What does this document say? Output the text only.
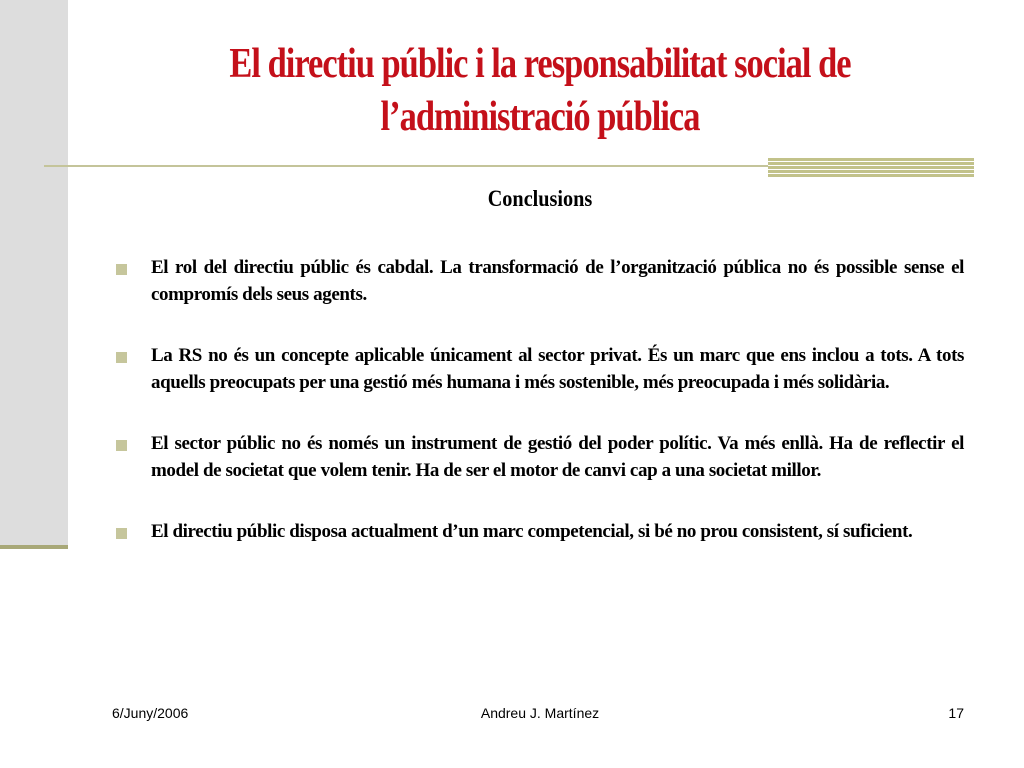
El directiu públic i la responsabilitat social de l’administració pública
Conclusions
El rol del directiu públic és cabdal. La transformació de l’organització pública no és possible sense el compromís dels seus agents.
La RS no és un concepte aplicable únicament al sector privat. És un marc que ens inclou a tots. A tots aquells preocupats per una gestió més humana i més sostenible, més preocupada i més solidària.
El sector públic no és només un instrument de gestió del poder polític. Va més enllà. Ha de reflectir el model de societat que volem tenir. Ha de ser el motor de canvi cap a una societat millor.
El directiu públic disposa actualment d’un marc competencial, si bé no prou consistent, sí suficient.
6/Juny/2006	Andreu J. Martínez	17
